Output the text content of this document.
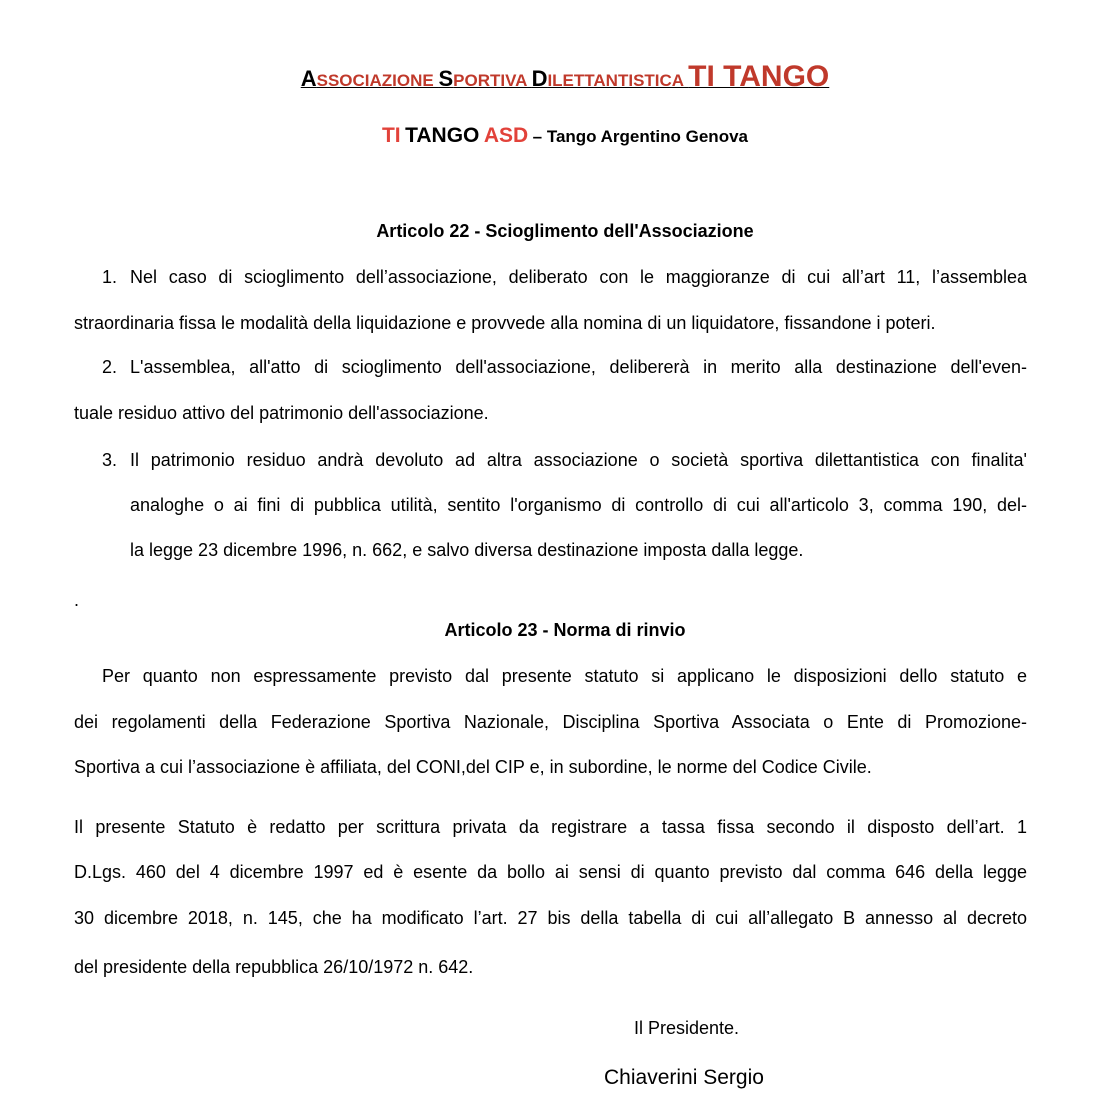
ASSOCIAZIONE SPORTIVA DILETTANTISTICA TI TANGO
TI TANGO ASD – Tango Argentino Genova
Articolo 22 - Scioglimento dell'Associazione
1. Nel caso di scioglimento dell’associazione, deliberato con le maggioranze di cui all’art 11, l’assemblea
straordinaria fissa le modalità della liquidazione e provvede alla nomina di un liquidatore, fissandone i poteri.
2. L'assemblea, all'atto di scioglimento dell'associazione, delibererà in merito alla destinazione dell'even-
tuale residuo attivo del patrimonio dell'associazione.
3. Il patrimonio residuo andrà devoluto ad altra associazione o società sportiva dilettantistica con finalita'
analoghe o ai fini di pubblica utilità, sentito l'organismo di controllo di cui all'articolo 3, comma 190, del-
la legge 23 dicembre 1996, n. 662, e salvo diversa destinazione imposta dalla legge.
.
Articolo 23 - Norma di rinvio
Per quanto non espressamente previsto dal presente statuto si applicano le disposizioni dello statuto e
dei regolamenti della Federazione Sportiva Nazionale, Disciplina Sportiva Associata o Ente di Promozione-
Sportiva a cui l’associazione è affiliata, del CONI,del CIP e, in subordine, le norme del Codice Civile.
Il presente Statuto è redatto per scrittura privata da registrare a tassa fissa secondo il disposto dell’art. 1
D.Lgs. 460 del 4 dicembre 1997 ed è esente da bollo ai sensi di quanto previsto dal comma 646 della legge
30 dicembre 2018, n. 145, che ha modificato l’art. 27 bis della tabella di cui all’allegato B annesso al decreto
del presidente della repubblica 26/10/1972 n. 642.
Il Presidente.
Chiaverini Sergio
